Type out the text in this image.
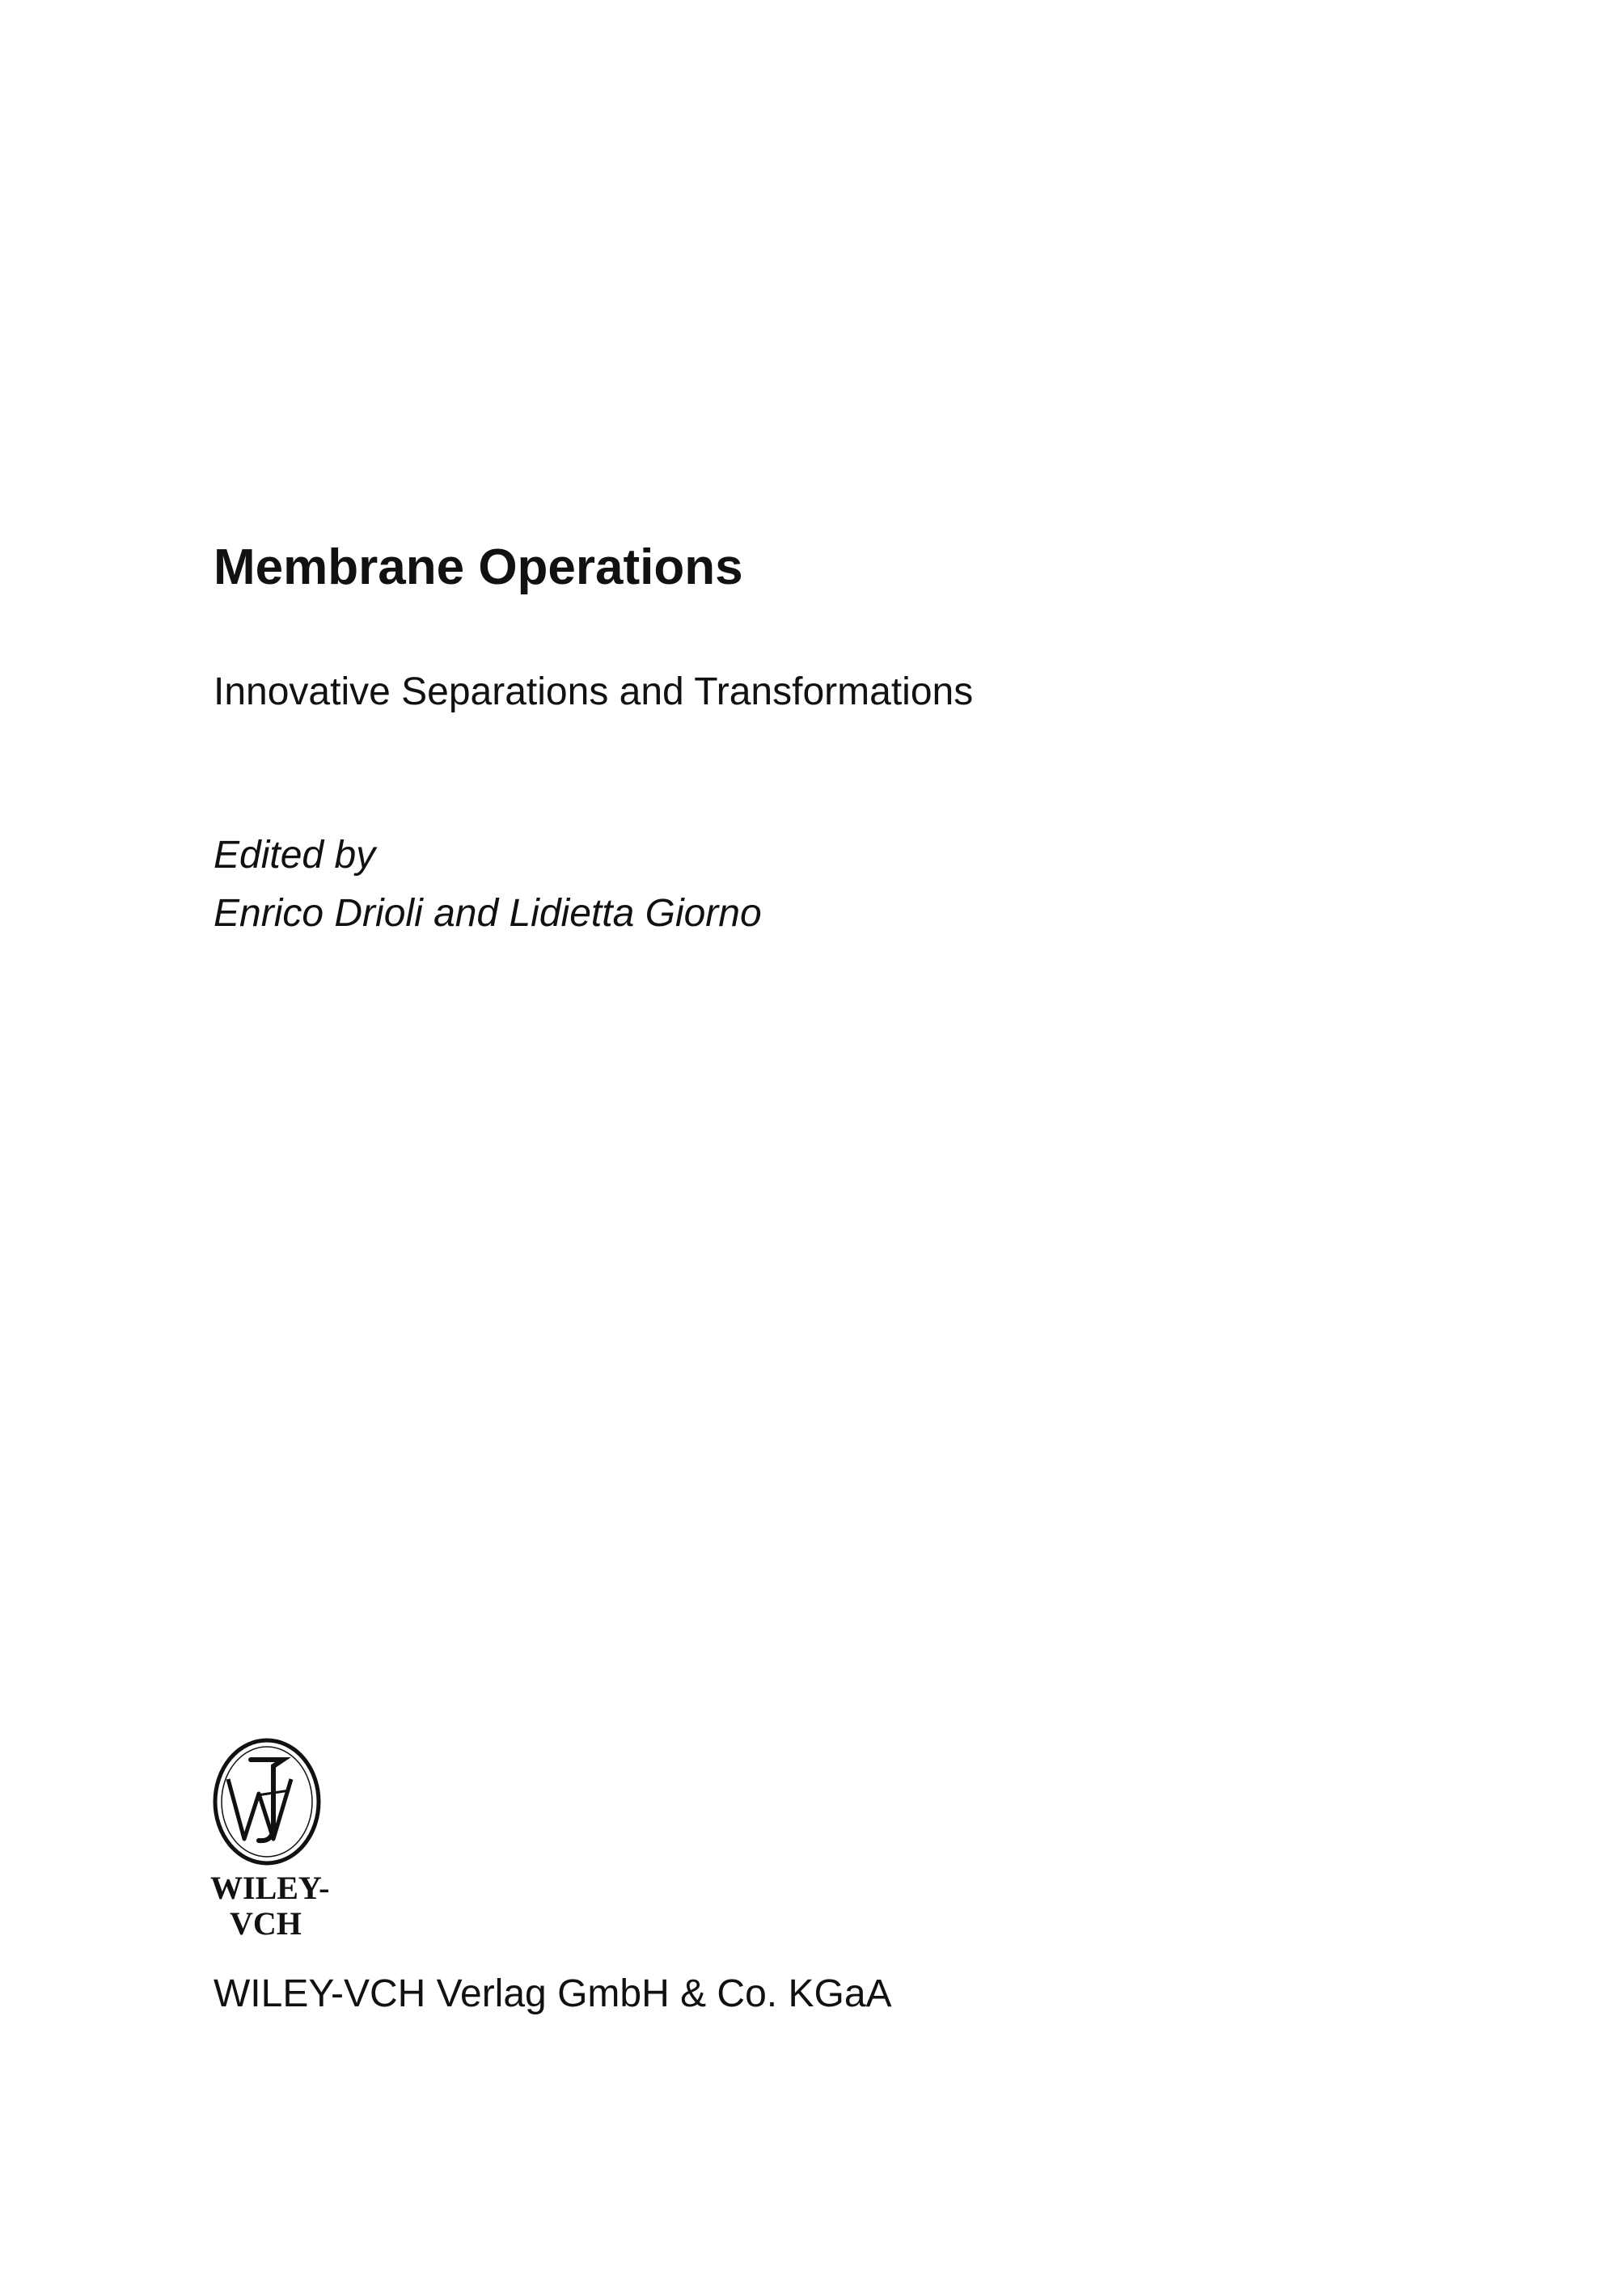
Membrane Operations
Innovative Separations and Transformations
Edited by
Enrico Drioli and Lidietta Giorno
WILEY-
VCH
WILEY-VCH Verlag GmbH & Co. KGaA
